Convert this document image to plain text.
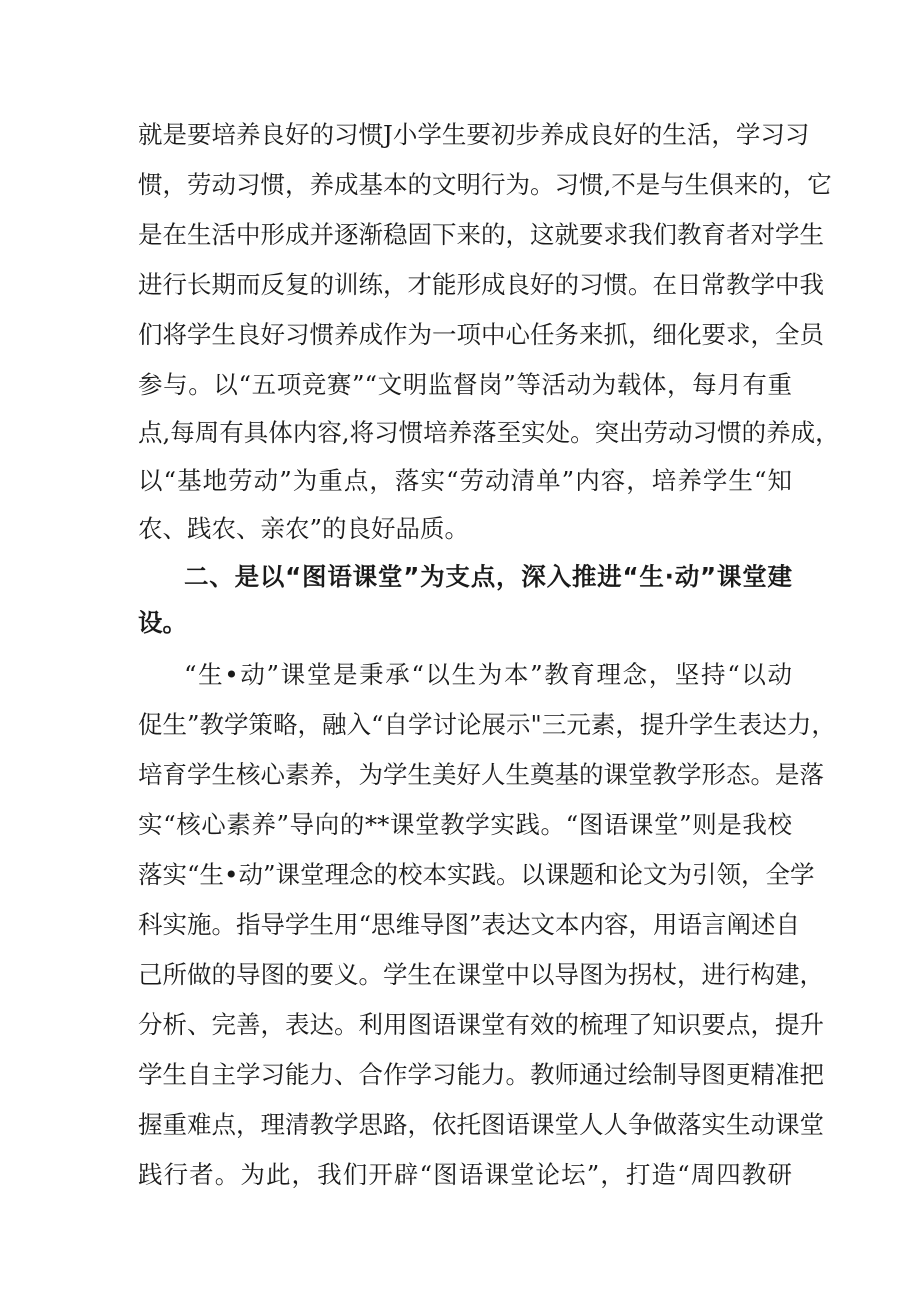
就是要培养良好的习惯J小学生要初步养成良好的生活，学习习
惯，劳动习惯，养成基本的文明行为。习惯,不是与生俱来的，它
是在生活中形成并逐渐稳固下来的，这就要求我们教育者对学生
进行长期而反复的训练，才能形成良好的习惯。在日常教学中我
们将学生良好习惯养成作为一项中心任务来抓，细化要求，全员
参与。以“五项竞赛”“文明监督岗”等活动为载体，每月有重
点,每周有具体内容,将习惯培养落至实处。突出劳动习惯的养成，
以“基地劳动”为重点，落实“劳动清单”内容，培养学生“知
农、践农、亲农”的良好品质。
二、是以“图语课堂”为支点，深入推进“生·动”课堂建
设。
“生•动”课堂是秉承“以生为本”教育理念，坚持“以动
促生”教学策略，融入“自学讨论展示"三元素，提升学生表达力，
培育学生核心素养，为学生美好人生奠基的课堂教学形态。是落
实“核心素养”导向的**课堂教学实践。“图语课堂”则是我校
落实“生•动”课堂理念的校本实践。以课题和论文为引领，全学
科实施。指导学生用“思维导图”表达文本内容，用语言阐述自
己所做的导图的要义。学生在课堂中以导图为拐杖，进行构建，
分析、完善，表达。利用图语课堂有效的梳理了知识要点，提升
学生自主学习能力、合作学习能力。教师通过绘制导图更精准把
握重难点，理清教学思路，依托图语课堂人人争做落实生动课堂
践行者。为此，我们开辟“图语课堂论坛”，打造“周四教研
